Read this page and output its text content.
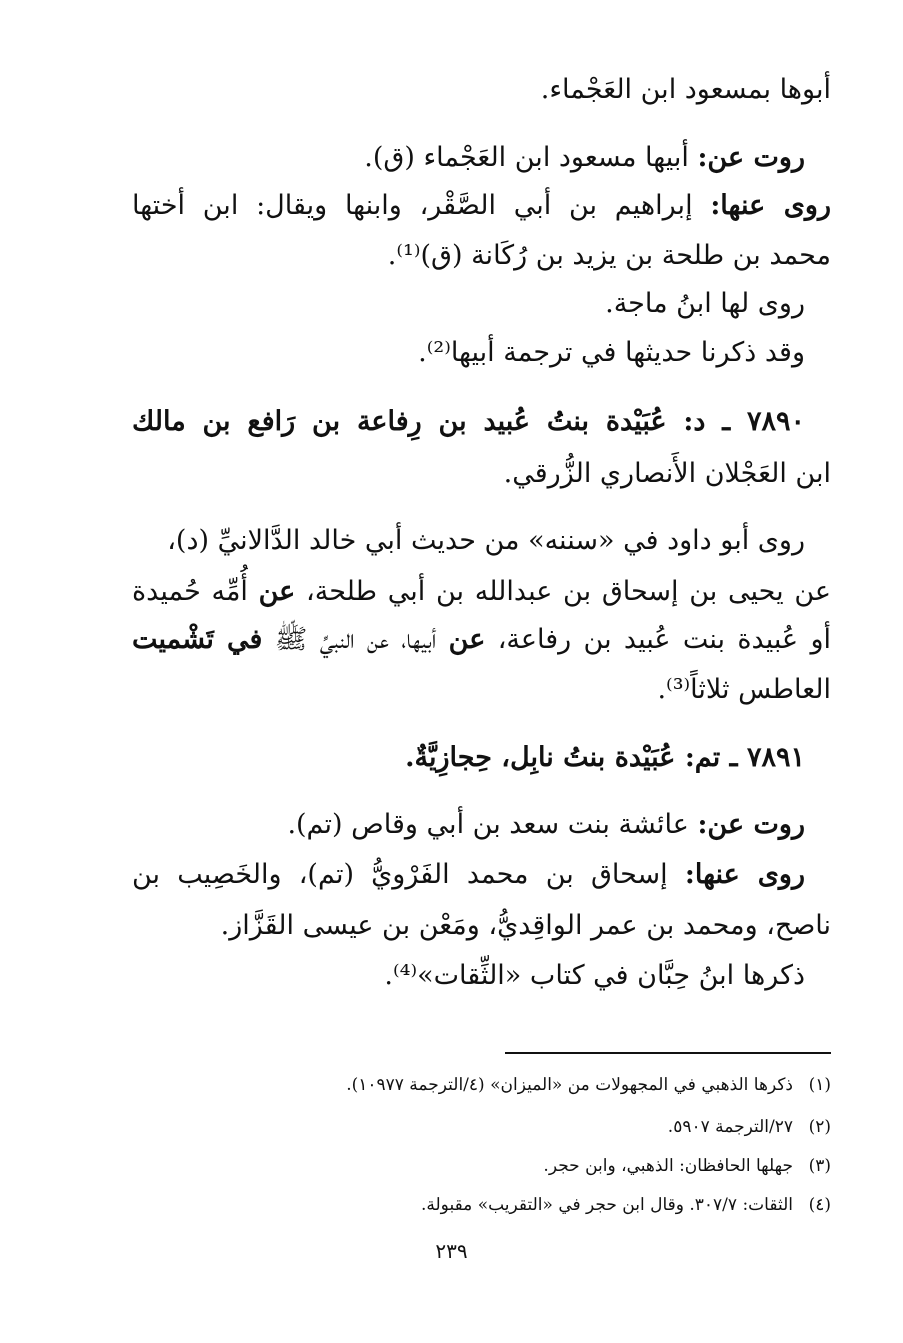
أبوها بمسعود ابن العَجْماء.
روت عن: أبيها مسعود ابن العَجْماء (ق).
روى عنها: إبراهيم بن أبي الصَّقْر، وابنها ويقال: ابن أختها
محمد بن طلحة بن يزيد بن رُكَانة (ق)⁽¹⁾.
روى لها ابنُ ماجة.
وقد ذكرنا حديثها في ترجمة أبيها⁽²⁾.
٧٨٩٠ ـ د: عُبَيْدة بنتُ عُبيد بن رِفاعة بن رَافع بن مالك
ابن العَجْلان الأَنصاري الزُّرقي.
روى أبو داود في «سننه» من حديث أبي خالد الدَّالانيِّ (د)،
عن يحيى بن إسحاق بن عبدالله بن أبي طلحة، عن أُمِّه حُميدة
أو عُبيدة بنت عُبيد بن رفاعة، عن أبيها، عن النبيِّ ﷺ في تَشْميت
العاطس ثلاثاً⁽³⁾.
٧٨٩١ ـ تم: عُبَيْدة بنتُ نابِل، حِجازِيَّةٌ.
روت عن: عائشة بنت سعد بن أبي وقاص (تم).
روى عنها: إسحاق بن محمد الفَرْويُّ (تم)، والخَصِيب بن
ناصح، ومحمد بن عمر الواقِديُّ، ومَعْن بن عيسى القَزَّاز.
ذكرها ابنُ حِبَّان في كتاب «الثِّقات»⁽⁴⁾.
(١)ذكرها الذهبي في المجهولات من «الميزان» (٤/الترجمة ١٠٩٧٧).
(٢)٢٧/الترجمة ٥٩٠٧.
(٣)جهلها الحافظان: الذهبي، وابن حجر.
(٤)الثقات: ٣٠٧/٧. وقال ابن حجر في «التقريب» مقبولة.
٢٣٩
